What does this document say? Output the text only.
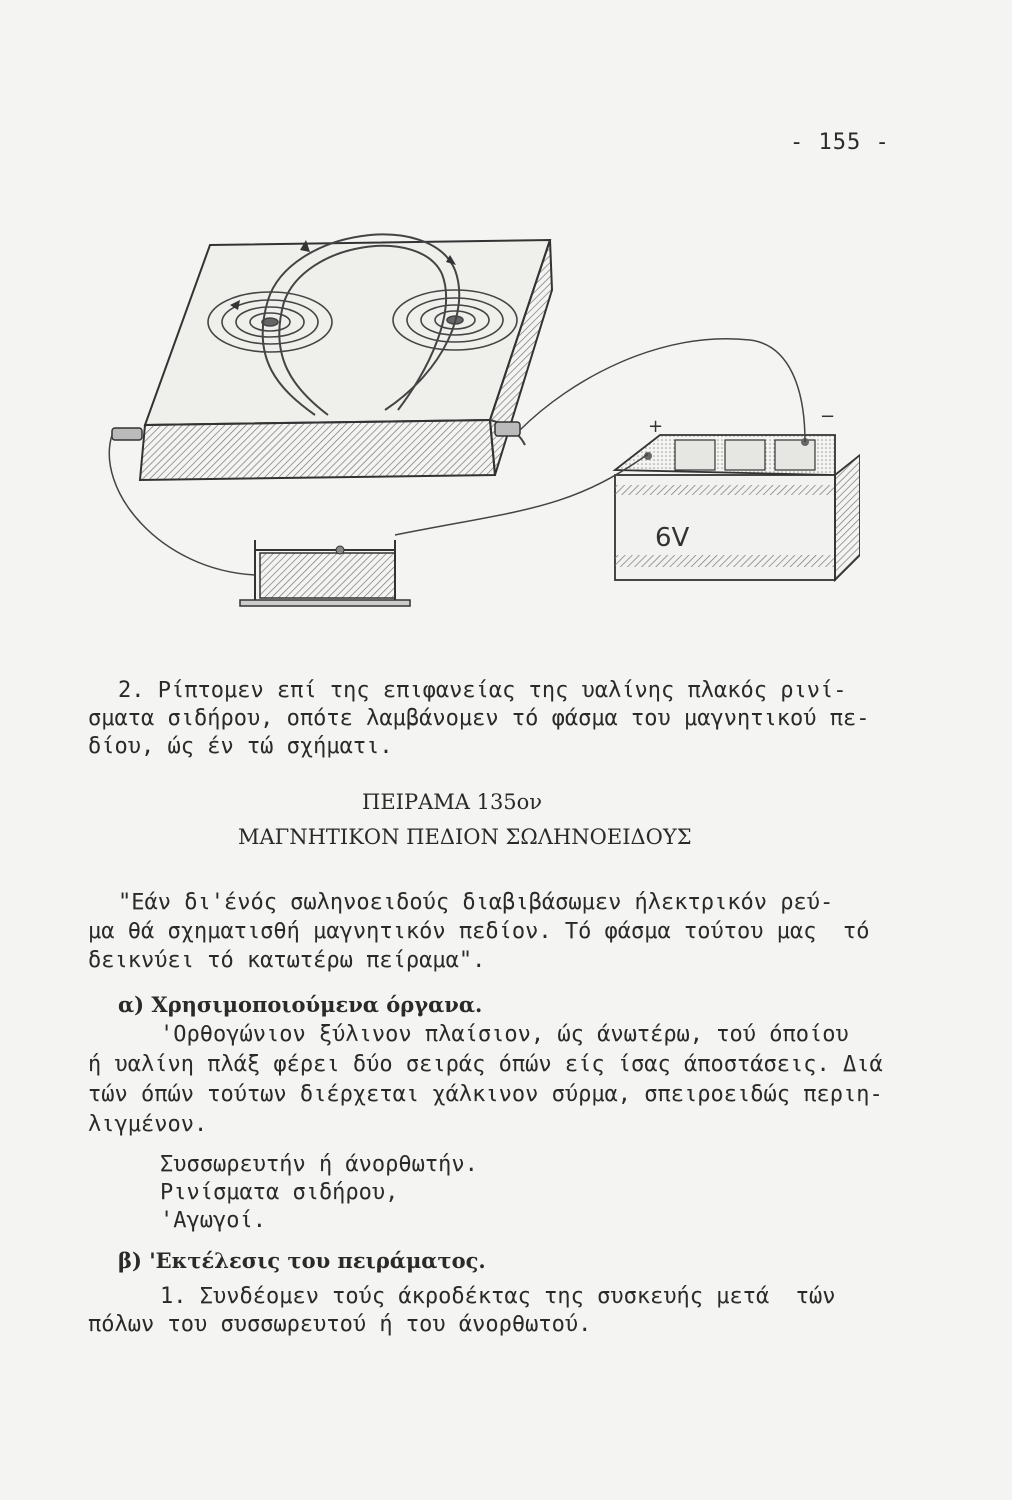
- 155 -
+	−
6V
2. Ρίπτομεν επί της επιφανείας της υαλίνης πλακός ρινί-
σματα σιδήρου, οπότε λαμβάνομεν τό φάσμα του μαγνητικού πε-
δίου, ώς έν τώ σχήματι.
ΠΕΙΡΑΜΑ 135ον
ΜΑΓΝΗΤΙΚΟΝ ΠΕΔΙΟΝ ΣΩΛΗΝΟΕΙΔΟΥΣ
"Εάν δι'ένός σωληνοειδούς διαβιβάσωμεν ήλεκτρικόν ρεύ-
μα θά σχηματισθή μαγνητικόν πεδίον. Τό φάσμα τούτου μας  τό
δεικνύει τό κατωτέρω πείραμα".
α) Χρησιμοποιούμενα όργανα.
'Ορθογώνιον ξύλινον πλαίσιον, ώς άνωτέρω, τού όποίου
ή υαλίνη πλάξ φέρει δύο σειράς όπών είς ίσας άποστάσεις. Διά
τών όπών τούτων διέρχεται χάλκινον σύρμα, σπειροειδώς περιη-
λιγμένον.
Συσσωρευτήν ή άνορθωτήν.
Ρινίσματα σιδήρου,
'Αγωγοί.
β) 'Εκτέλεσις του πειράματος.
1. Συνδέομεν τούς άκροδέκτας της συσκευής μετά  τών
πόλων του συσσωρευτού ή του άνορθωτού.
